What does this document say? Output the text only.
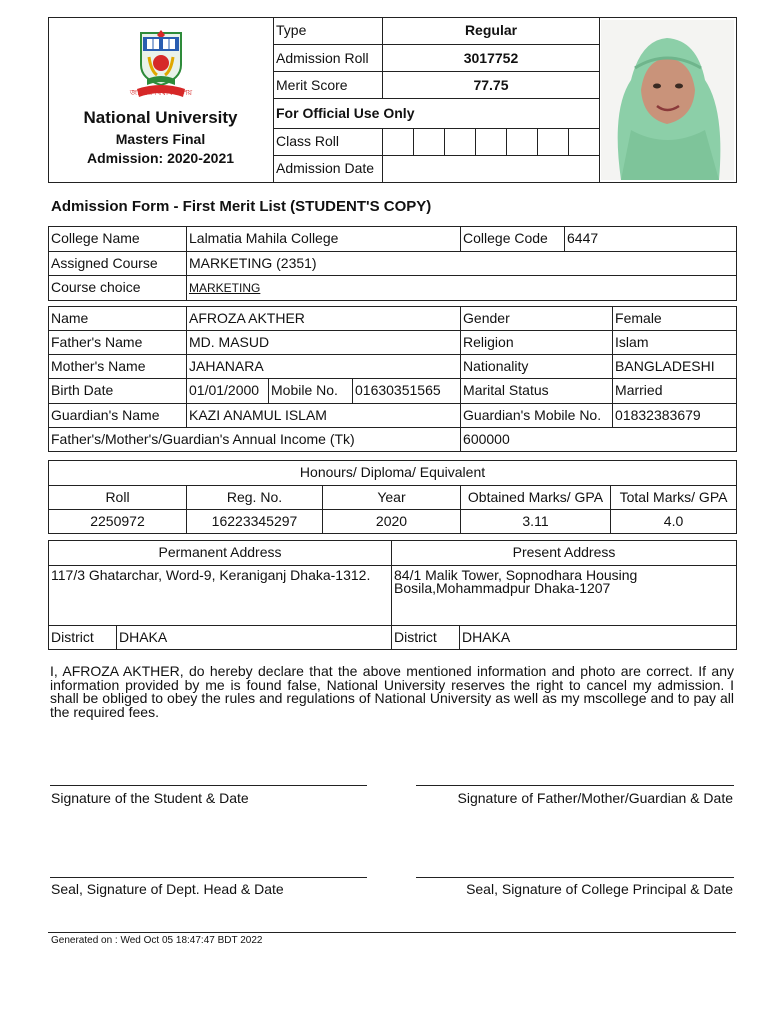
জাতীয় বিশ্ববিদ্যালয়
National University
Masters Final
Admission: 2020-2021	Type	Regular	

	Admission Roll	3017752	
	Merit Score	77.75	
	For Official Use Only		
	Class Roll		

	Admission Date		
Admission Form - First Merit List (STUDENT'S COPY)
College Name	Lalmatia Mahila College	College Code	6447
Assigned Course	MARKETING (2351)		
Course choice	MARKETING		
Name	AFROZA AKTHER			Gender	Female
Father's Name	MD. MASUD			Religion	Islam
Mother's Name	JAHANARA			Nationality	BANGLADESHI
Birth Date	01/01/2000	Mobile No.	01630351565	Marital Status	Married
Guardian's Name	KAZI ANAMUL ISLAM			Guardian's Mobile No.	01832383679
Father's/Mother's/Guardian's Annual Income (Tk)				600000	
Honours/ Diploma/ Equivalent				
Roll	Reg. No.	Year	Obtained Marks/ GPA	Total Marks/ GPA
2250972	16223345297	2020	3.11	4.0
Permanent Address		Present Address	
117/3 Ghatarchar, Word-9, Keraniganj Dhaka-1312.		84/1 Malik Tower, Sopnodhara Housing Bosila,Mohammadpur Dhaka-1207	
District	DHAKA	District	DHAKA
I, AFROZA AKTHER, do hereby declare that the above mentioned information and photo are correct. If any information provided by me is found false, National University reserves the right to cancel my admission. I shall be obliged to obey the rules and regulations of National University as well as my mscollege and to pay all the required fees.
Signature of the Student & Date	Signature of Father/Mother/Guardian & Date
Seal, Signature of Dept. Head & Date	Seal, Signature of College Principal & Date
Generated on : Wed Oct 05 18:47:47 BDT 2022
